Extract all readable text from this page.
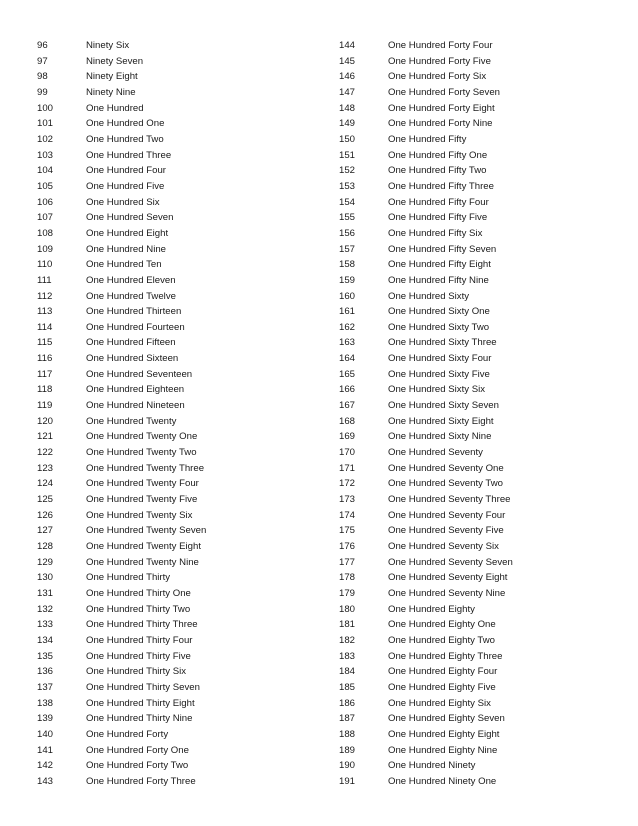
96	Ninety Six
97	Ninety Seven
98	Ninety Eight
99	Ninety Nine
100	One Hundred
101	One Hundred One
102	One Hundred Two
103	One Hundred Three
104	One Hundred Four
105	One Hundred Five
106	One Hundred Six
107	One Hundred Seven
108	One Hundred Eight
109	One Hundred Nine
110	One Hundred Ten
111	One Hundred Eleven
112	One Hundred Twelve
113	One Hundred Thirteen
114	One Hundred Fourteen
115	One Hundred Fifteen
116	One Hundred Sixteen
117	One Hundred Seventeen
118	One Hundred Eighteen
119	One Hundred Nineteen
120	One Hundred Twenty
121	One Hundred Twenty One
122	One Hundred Twenty Two
123	One Hundred Twenty Three
124	One Hundred Twenty Four
125	One Hundred Twenty Five
126	One Hundred Twenty Six
127	One Hundred Twenty Seven
128	One Hundred Twenty Eight
129	One Hundred Twenty Nine
130	One Hundred Thirty
131	One Hundred Thirty One
132	One Hundred Thirty Two
133	One Hundred Thirty Three
134	One Hundred Thirty Four
135	One Hundred Thirty Five
136	One Hundred Thirty Six
137	One Hundred Thirty Seven
138	One Hundred Thirty Eight
139	One Hundred Thirty Nine
140	One Hundred Forty
141	One Hundred Forty One
142	One Hundred Forty Two
143	One Hundred Forty Three
144	One Hundred Forty Four
145	One Hundred Forty Five
146	One Hundred Forty Six
147	One Hundred Forty Seven
148	One Hundred Forty Eight
149	One Hundred Forty Nine
150	One Hundred Fifty
151	One Hundred Fifty One
152	One Hundred Fifty Two
153	One Hundred Fifty Three
154	One Hundred Fifty Four
155	One Hundred Fifty Five
156	One Hundred Fifty Six
157	One Hundred Fifty Seven
158	One Hundred Fifty Eight
159	One Hundred Fifty Nine
160	One Hundred Sixty
161	One Hundred Sixty One
162	One Hundred Sixty Two
163	One Hundred Sixty Three
164	One Hundred Sixty Four
165	One Hundred Sixty Five
166	One Hundred Sixty Six
167	One Hundred Sixty Seven
168	One Hundred Sixty Eight
169	One Hundred Sixty Nine
170	One Hundred Seventy
171	One Hundred Seventy One
172	One Hundred Seventy Two
173	One Hundred Seventy Three
174	One Hundred Seventy Four
175	One Hundred Seventy Five
176	One Hundred Seventy Six
177	One Hundred Seventy Seven
178	One Hundred Seventy Eight
179	One Hundred Seventy Nine
180	One Hundred Eighty
181	One Hundred Eighty One
182	One Hundred Eighty Two
183	One Hundred Eighty Three
184	One Hundred Eighty Four
185	One Hundred Eighty Five
186	One Hundred Eighty Six
187	One Hundred Eighty Seven
188	One Hundred Eighty Eight
189	One Hundred Eighty Nine
190	One Hundred Ninety
191	One Hundred Ninety One
